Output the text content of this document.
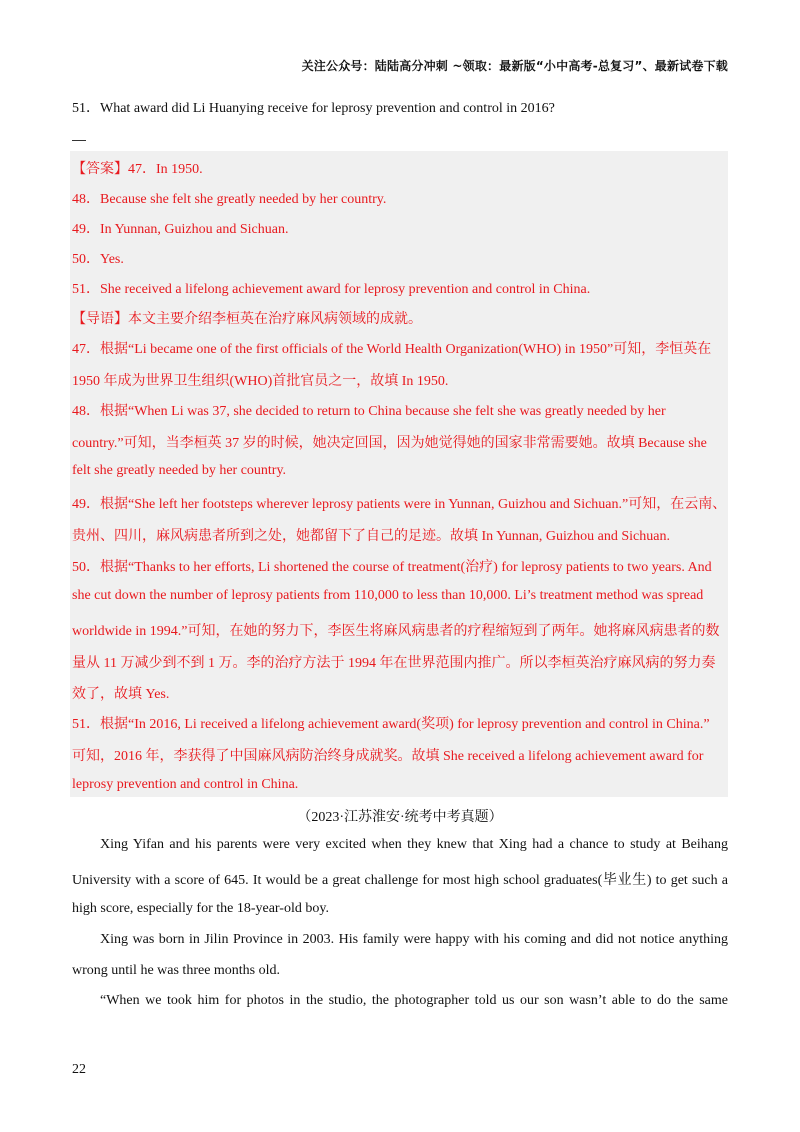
关注公众号：陆陆高分冲刺 ~领取：最新版“小中高考-总复习”、最新试卷下载
51．What award did Li Huanying receive for leprosy prevention and control in 2016?
【答案】47．In 1950.
48．Because she felt she greatly needed by her country.
49．In Yunnan, Guizhou and Sichuan.
50．Yes.
51．She received a lifelong achievement award for leprosy prevention and control in China.
【导语】本文主要介绍李桓英在治疗麻风病领域的成就。
47．根据“Li became one of the first officials of the World Health Organization(WHO) in 1950”可知，李恒英在
1950 年成为世界卫生组织(WHO)首批官员之一，故填 In 1950.
48．根据“When Li was 37, she decided to return to China because she felt she was greatly needed by her
country.”可知，当李桓英 37 岁的时候，她决定回国，因为她觉得她的国家非常需要她。故填 Because she
felt she greatly needed by her country.
49．根据“She left her footsteps wherever leprosy patients were in Yunnan, Guizhou and Sichuan.”可知，在云南、
贵州、四川，麻风病患者所到之处，她都留下了自己的足迹。故填 In Yunnan, Guizhou and Sichuan.
50．根据“Thanks to her efforts, Li shortened the course of treatment(治疗) for leprosy patients to two years. And
she cut down the number of leprosy patients from 110,000 to less than 10,000. Li’s treatment method was spread
worldwide in 1994.”可知，在她的努力下，李医生将麻风病患者的疗程缩短到了两年。她将麻风病患者的数
量从 11 万减少到不到 1 万。李的治疗方法于 1994 年在世界范围内推广。所以李桓英治疗麻风病的努力奏
效了，故填 Yes.
51．根据“In 2016, Li received a lifelong achievement award(奖项) for leprosy prevention and control in China.”
可知，2016 年，李获得了中国麻风病防治终身成就奖。故填 She received a lifelong achievement award for
leprosy prevention and control in China.
（2023·江苏淮安·统考中考真题）
Xing Yifan and his parents were very excited when they knew that Xing had a chance to study at Beihang
University with a score of 645. It would be a great challenge for most high school graduates(毕业生) to get such a
high score, especially for the 18-year-old boy.
Xing was born in Jilin Province in 2003. His family were happy with his coming and did not notice anything
wrong until he was three months old.
“When we took him for photos in the studio, the photographer told us our son wasn’t able to do the same
22
